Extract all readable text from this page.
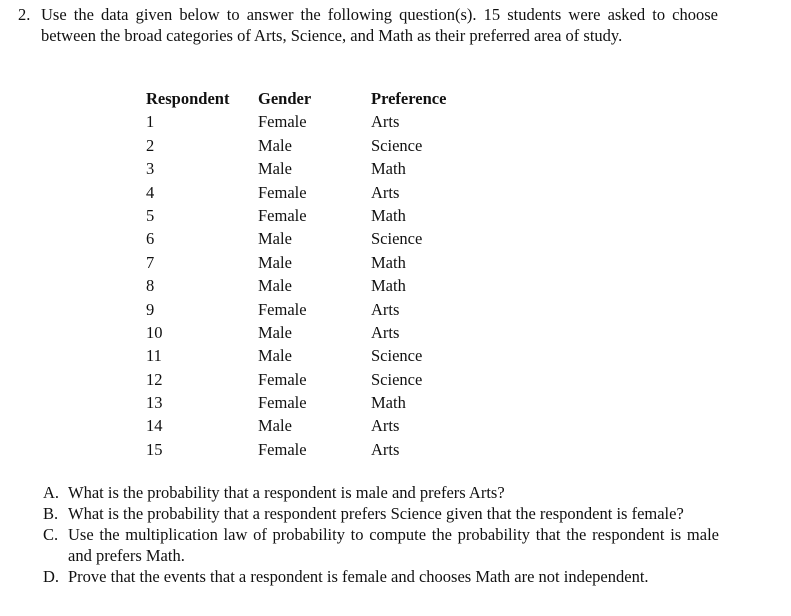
2. Use the data given below to answer the following question(s). 15 students were asked to choose between the broad categories of Arts, Science, and Math as their preferred area of study.
Respondent	Gender	Preference
1	Female	Arts
2	Male	Science
3	Male	Math
4	Female	Arts
5	Female	Math
6	Male	Science
7	Male	Math
8	Male	Math
9	Female	Arts
10	Male	Arts
11	Male	Science
12	Female	Science
13	Female	Math
14	Male	Arts
15	Female	Arts
A. What is the probability that a respondent is male and prefers Arts?
B. What is the probability that a respondent prefers Science given that the respondent is female?
C. Use the multiplication law of probability to compute the probability that the respondent is male and prefers Math.
D. Prove that the events that a respondent is female and chooses Math are not independent.
